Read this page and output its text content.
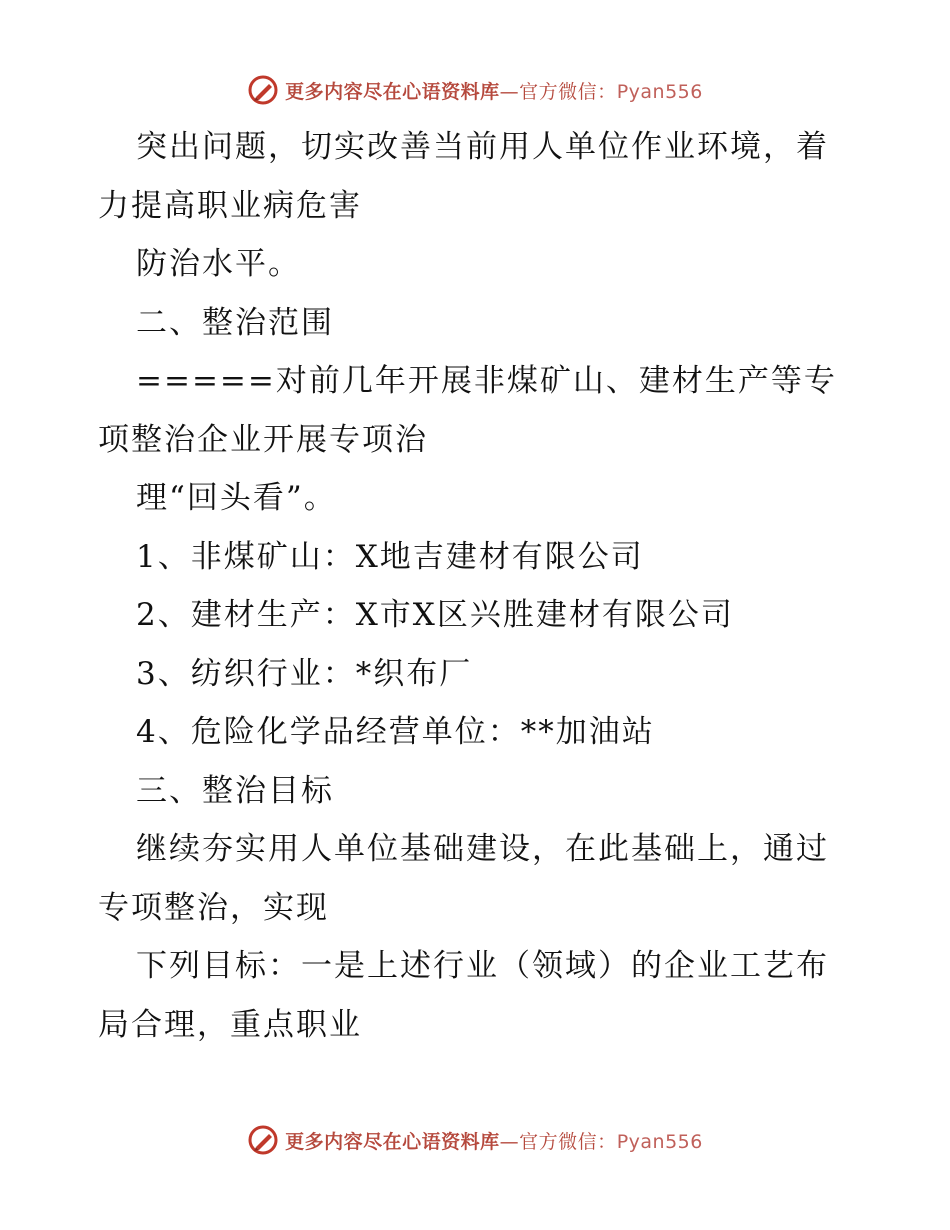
更多内容尽在心语资料库—官方微信：Pyan556
突出问题，切实改善当前用人单位作业环境，着
力提高职业病危害
防治水平。
二、整治范围
=====对前几年开展非煤矿山、建材生产等专
项整治企业开展专项治
理“回头看”。
1、非煤矿山：X地吉建材有限公司
2、建材生产：X市X区兴胜建材有限公司
3、纺织行业：*织布厂
4、危险化学品经营单位：**加油站
三、整治目标
继续夯实用人单位基础建设，在此基础上，通过
专项整治，实现
下列目标：一是上述行业（领域）的企业工艺布
局合理，重点职业
更多内容尽在心语资料库—官方微信：Pyan556
